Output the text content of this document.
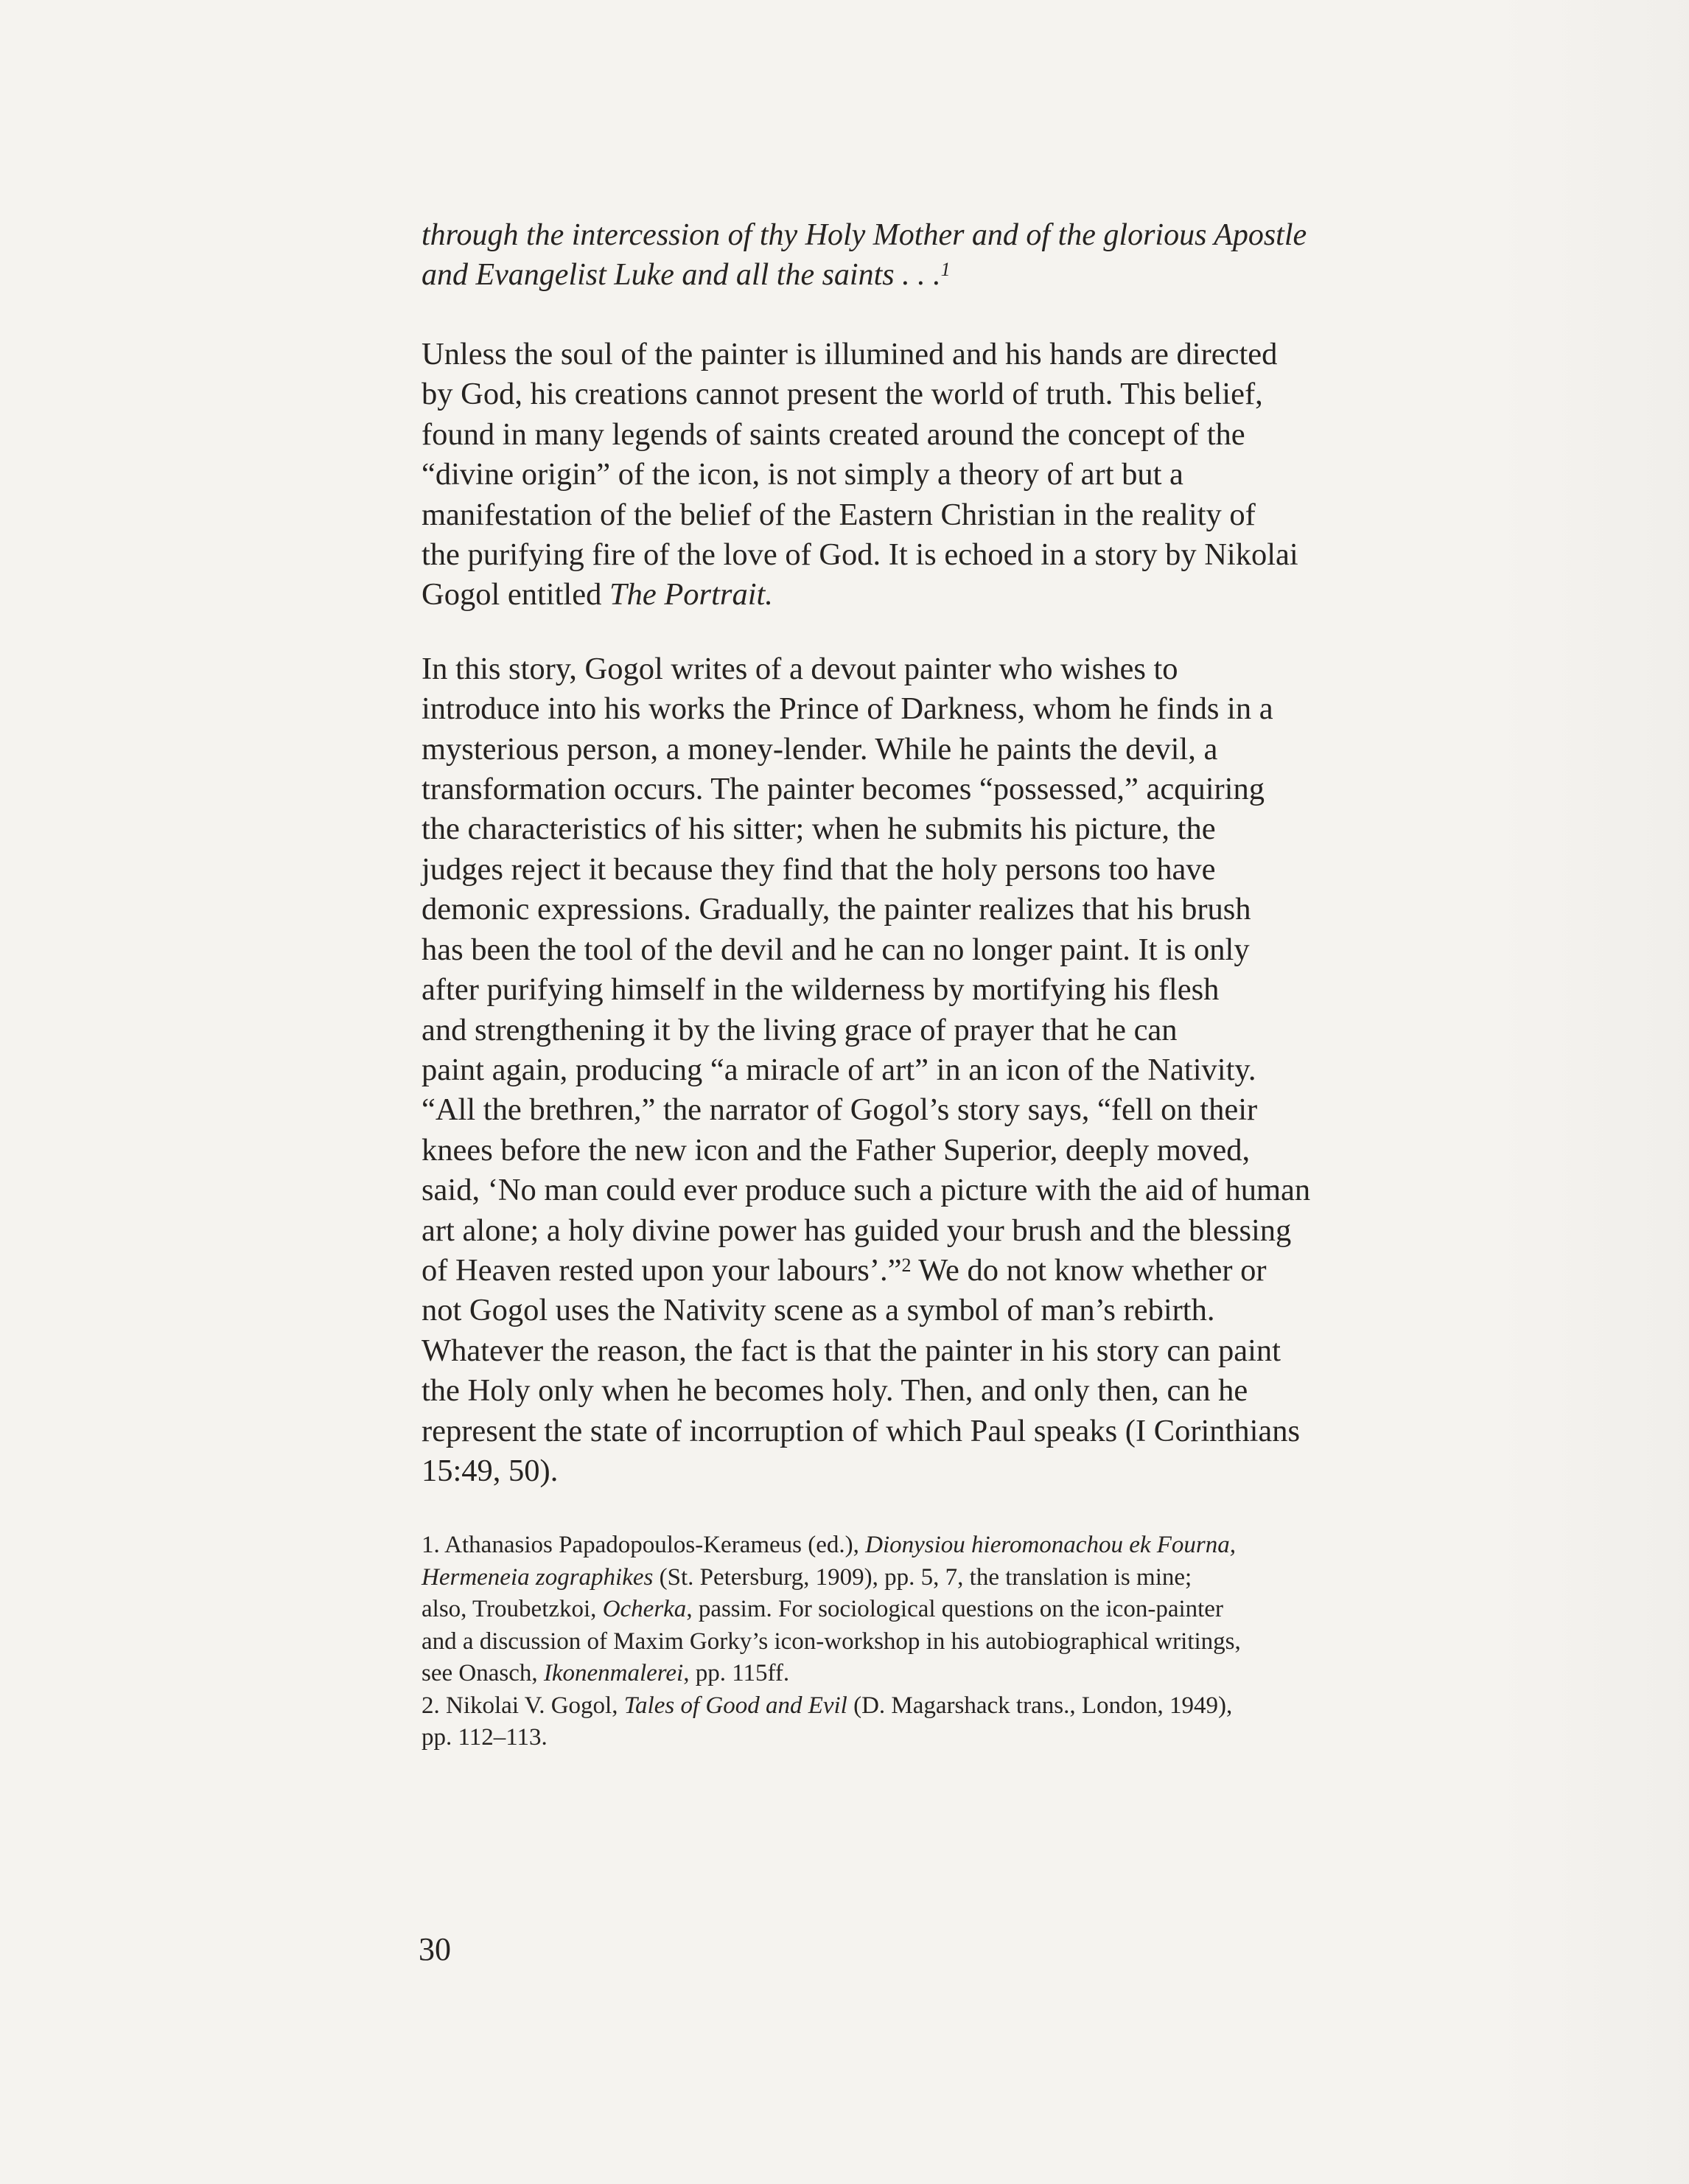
through the intercession of thy Holy Mother and of the glorious Apostle
and Evangelist Luke and all the saints . . .$^1$
Unless the soul of the painter is illumined and his hands are directed
by God, his creations cannot present the world of truth. This belief,
found in many legends of saints created around the concept of the
“divine origin” of the icon, is not simply a theory of art but a
manifestation of the belief of the Eastern Christian in the reality of
the purifying fire of the love of God. It is echoed in a story by Nikolai
Gogol entitled The Portrait.
In this story, Gogol writes of a devout painter who wishes to
introduce into his works the Prince of Darkness, whom he finds in a
mysterious person, a money-lender. While he paints the devil, a
transformation occurs. The painter becomes “possessed,” acquiring
the characteristics of his sitter; when he submits his picture, the
judges reject it because they find that the holy persons too have
demonic expressions. Gradually, the painter realizes that his brush
has been the tool of the devil and he can no longer paint. It is only
after purifying himself in the wilderness by mortifying his flesh
and strengthening it by the living grace of prayer that he can
paint again, producing “a miracle of art” in an icon of the Nativity.
“All the brethren,” the narrator of Gogol’s story says, “fell on their
knees before the new icon and the Father Superior, deeply moved,
said, ‘No man could ever produce such a picture with the aid of human
art alone; a holy divine power has guided your brush and the blessing
of Heaven rested upon your labours’.”$^2$ We do not know whether or
not Gogol uses the Nativity scene as a symbol of man’s rebirth.
Whatever the reason, the fact is that the painter in his story can paint
the Holy only when he becomes holy. Then, and only then, can he
represent the state of incorruption of which Paul speaks (I Corinthians
15:49, 50).
1. Athanasios Papadopoulos-Kerameus (ed.), Dionysiou hieromonachou ek Fourna,
Hermeneia zographikes (St. Petersburg, 1909), pp. 5, 7, the translation is mine;
also, Troubetzkoi, Ocherka, passim. For sociological questions on the icon-painter
and a discussion of Maxim Gorky’s icon-workshop in his autobiographical writings,
see Onasch, Ikonenmalerei, pp. 115ff.
2. Nikolai V. Gogol, Tales of Good and Evil (D. Magarshack trans., London, 1949),
pp. 112–113.
30
